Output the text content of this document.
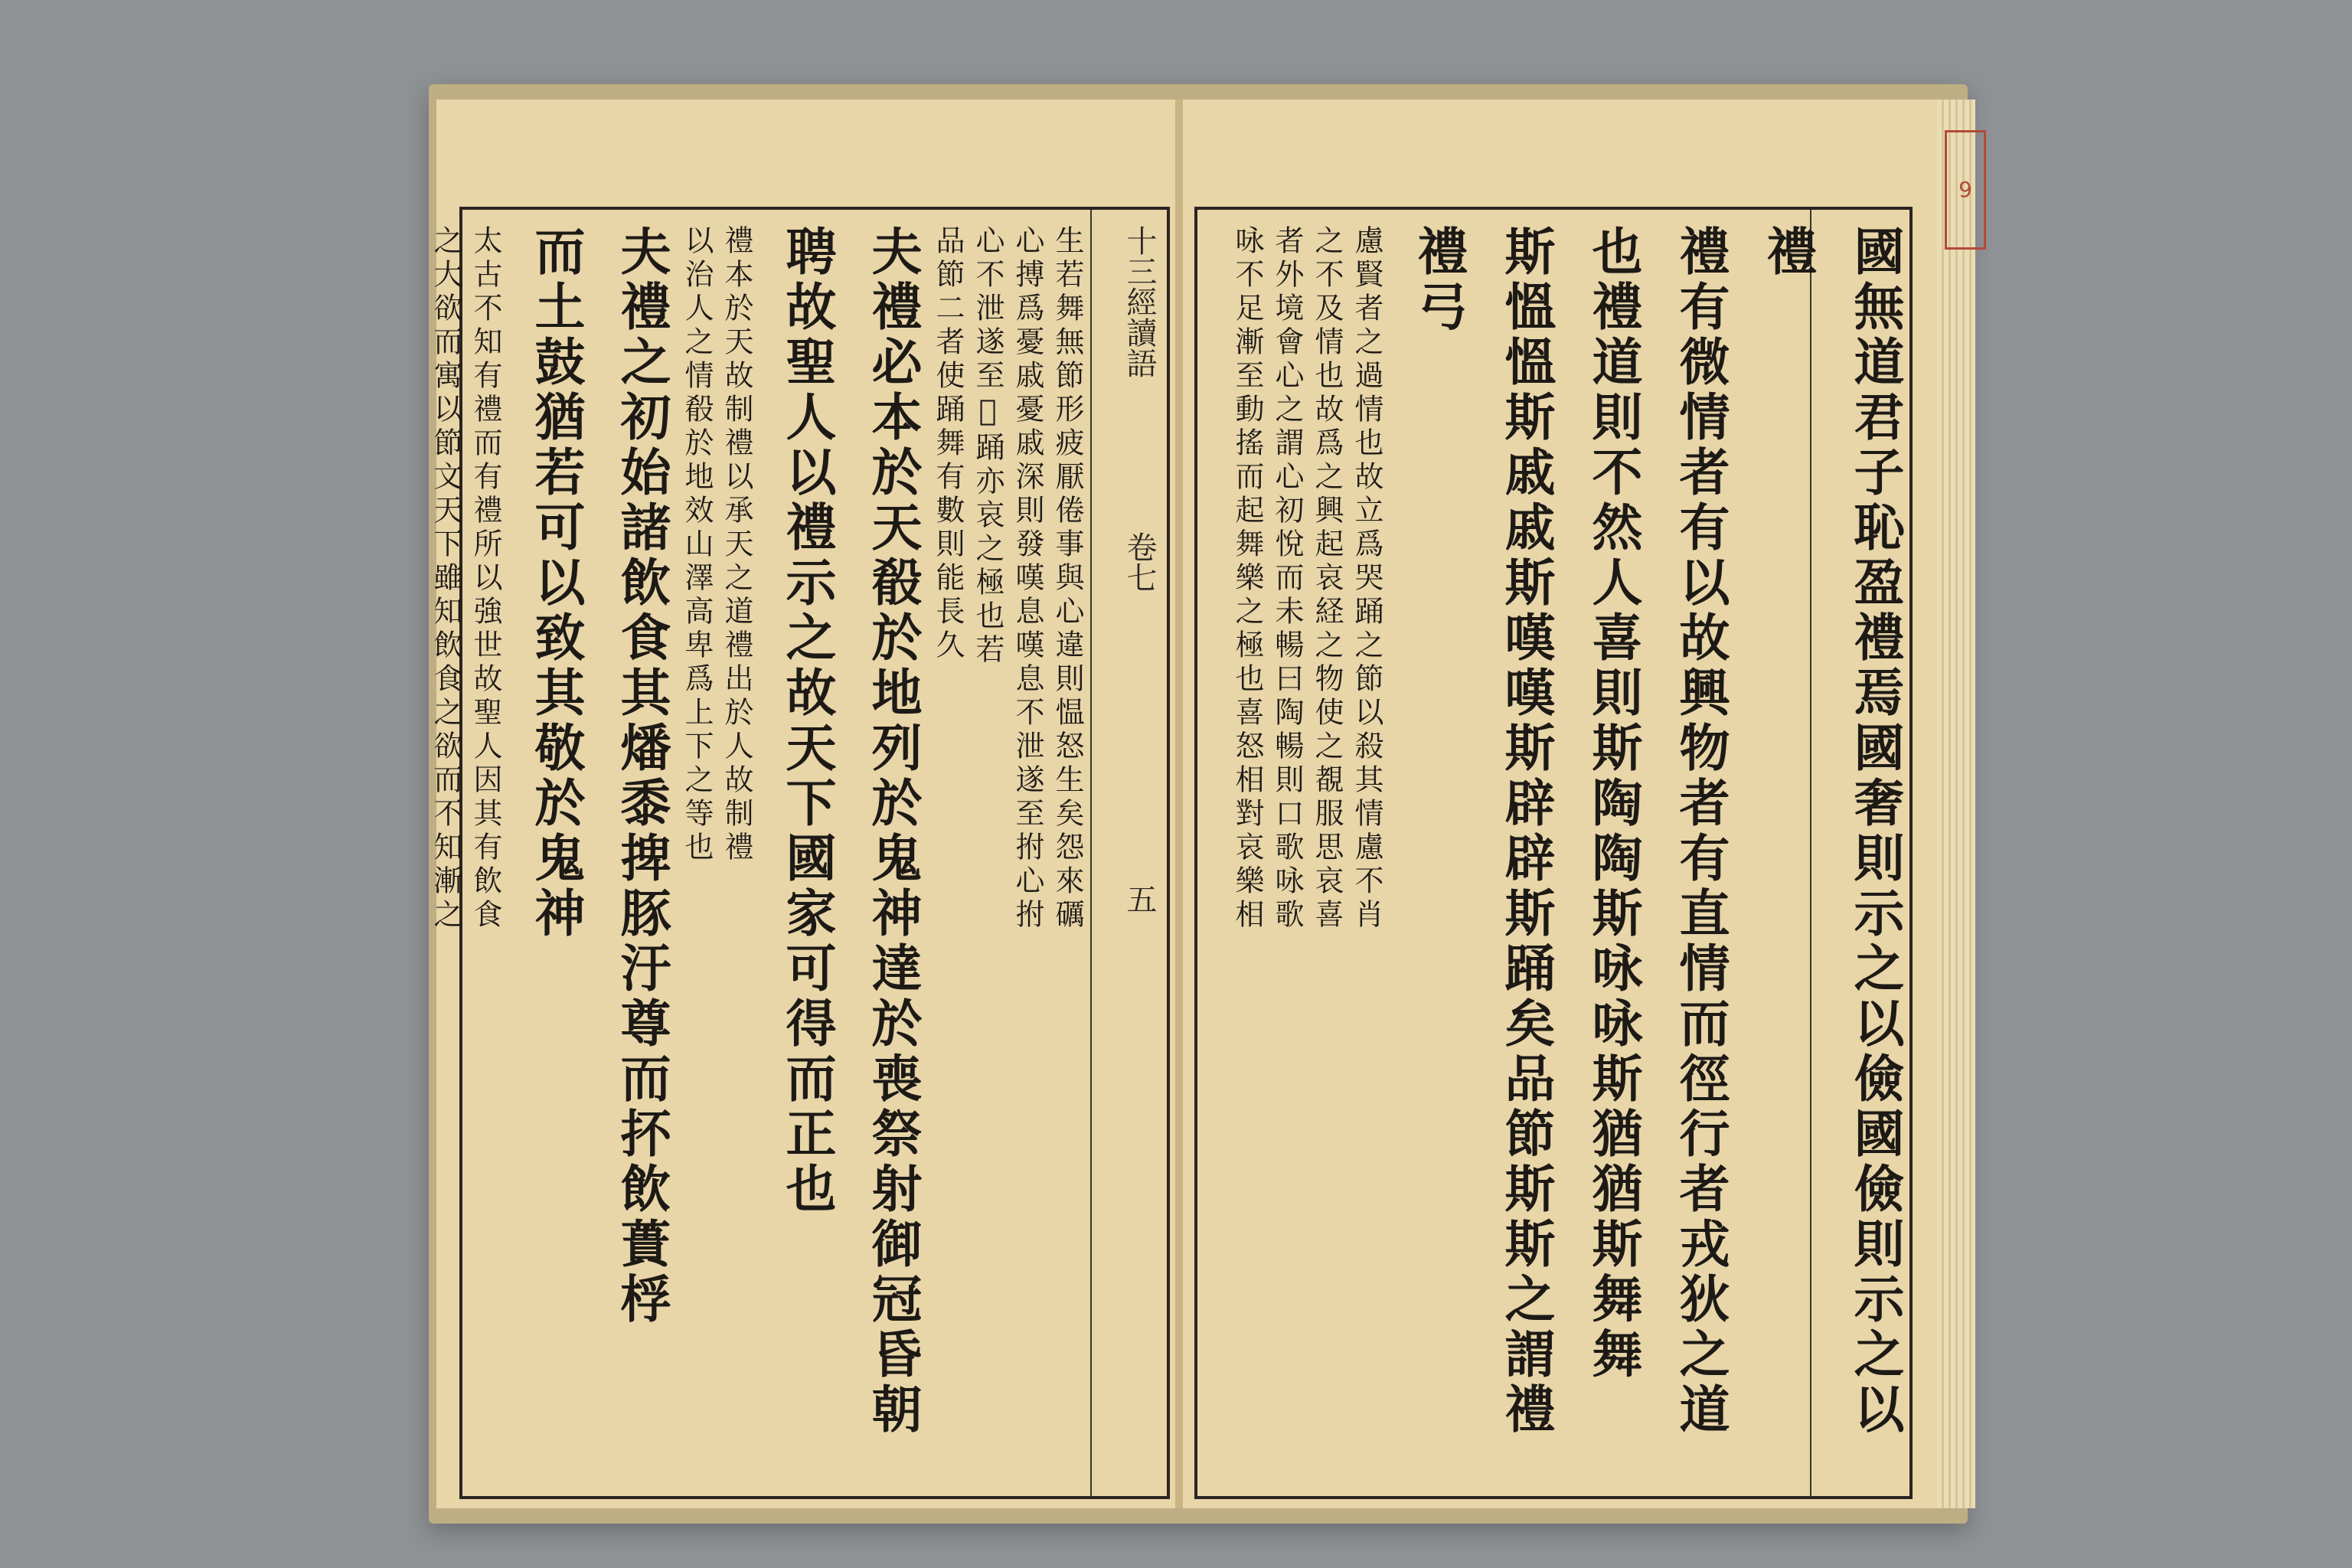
十三經讀語
卷七
五
生若舞無節形疲厭倦事與心違則愠怒生矣怨來礪
心搏爲憂戚憂戚深則發嘆息嘆息不泄遂至拊心拊
心不泄遂至𨇾踊亦哀之極也若
品節二者使踊舞有數則能長久
夫禮必本於天殽於地列於鬼神達於喪祭射御冠昏朝
聘故聖人以禮示之故天下國家可得而正也
禮本於天故制禮以承天之道禮出於人故制禮
以治人之情殽於地效山澤高卑爲上下之等也
夫禮之初始諸飲食其燔黍捭豚汙尊而抔飲蕢桴
而土鼓猶若可以致其敬於鬼神
太古不知有禮而有禮所以強世故聖人因其有飲食
之大欲而寓以節文天下雖知飲食之欲而不知漸之	國無道君子恥盈禮焉國奢則示之以儉國儉則示之以
禮
禮有微情者有以故興物者有直情而徑行者戎狄之道
也禮道則不然人喜則斯陶陶斯咏咏斯猶猶斯舞舞
斯慍慍斯戚戚斯嘆嘆斯辟辟斯踊矣品節斯斯之謂禮
禮弓
慮賢者之過情也故立爲哭踊之節以殺其情慮不肖
之不及情也故爲之興起哀経之物使之覩服思哀喜
者外境會心之謂心初悅而未暢曰陶暢則口歌咏歌
咏不足漸至動搖而起舞樂之極也喜怒相對哀樂相
9
